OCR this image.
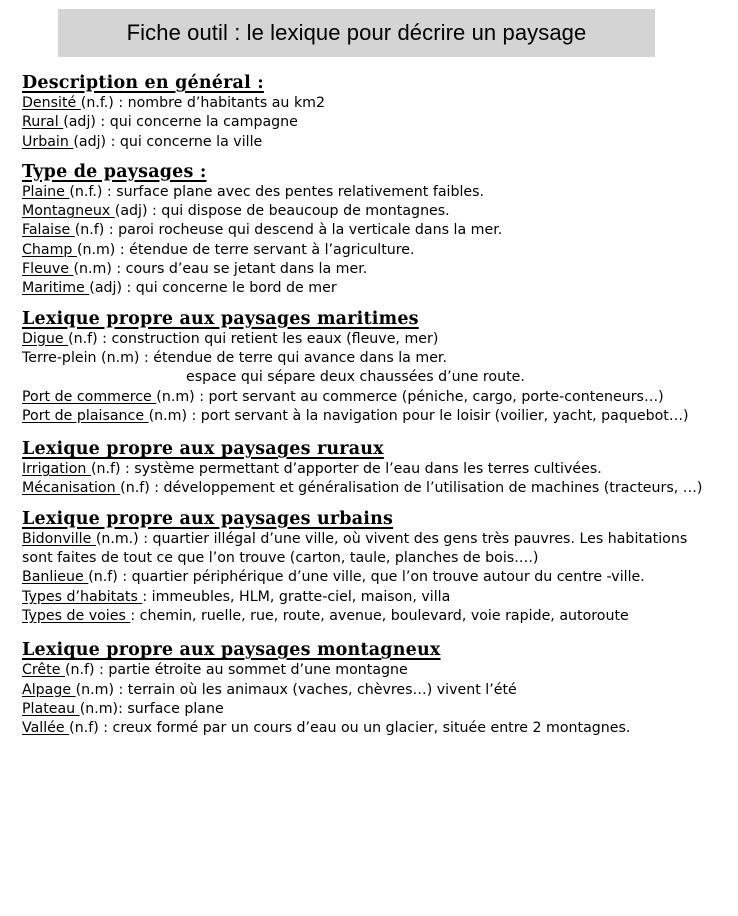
Fiche outil : le lexique pour décrire un paysage
Description en général :

Densité (n.f.) : nombre d’habitants au km2

Rural (adj) : qui concerne la campagne

Urbain (adj) : qui concerne la ville

Type de paysages :

Plaine (n.f.) : surface plane avec des pentes relativement faibles.

Montagneux (adj) : qui dispose de beaucoup de montagnes.

Falaise (n.f) : paroi rocheuse qui descend à la verticale dans la mer.

Champ (n.m) : étendue de terre servant à l’agriculture.

Fleuve (n.m) : cours d’eau se jetant dans la mer.

Maritime (adj) : qui concerne le bord de mer

Lexique propre aux paysages maritimes

Digue (n.f) : construction qui retient les eaux (fleuve, mer)

Terre-plein (n.m) : étendue de terre qui avance dans la mer.
espace qui sépare deux chaussées d’une route.

Port de commerce (n.m) : port servant au commerce (péniche, cargo, porte-conteneurs…)

Port de plaisance (n.m) : port servant à la navigation pour le loisir (voilier, yacht, paquebot…)

Lexique propre aux paysages ruraux

Irrigation (n.f) : système permettant d’apporter de l’eau dans les terres cultivées.

Mécanisation (n.f) : développement et généralisation de l’utilisation de machines (tracteurs, …)

Lexique propre aux paysages urbains

Bidonville (n.m.) : quartier illégal d’une ville, où vivent des gens très pauvres. Les habitations sont faites de tout ce que l’on trouve (carton, taule, planches de bois….)

Banlieue (n.f) : quartier périphérique d’une ville, que l’on trouve autour du centre -ville.

Types d’habitats : immeubles, HLM, gratte-ciel, maison, villa

Types de voies : chemin, ruelle, rue, route, avenue, boulevard, voie rapide, autoroute

Lexique propre aux paysages montagneux

Crête (n.f) : partie étroite au sommet d’une montagne

Alpage (n.m) : terrain où les animaux (vaches, chèvres…) vivent l’été

Plateau (n.m): surface plane

Vallée (n.f) : creux formé par un cours d’eau ou un glacier, située entre 2 montagnes.
